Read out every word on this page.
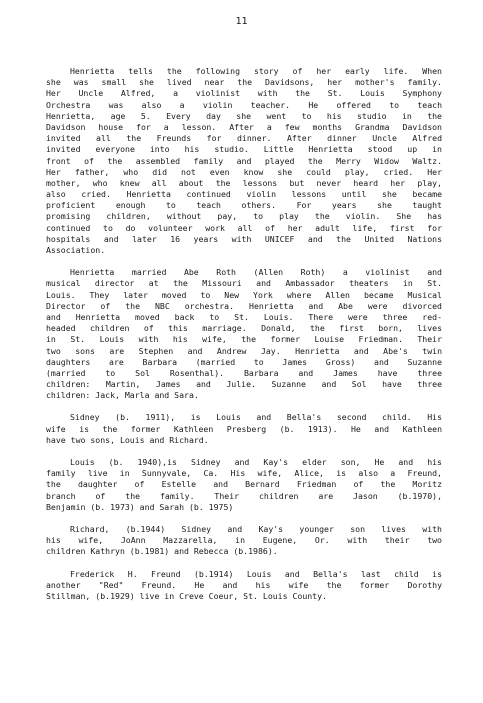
11
Henrietta tells the following story of her early life. When
she was small she lived near the Davidsons, her mother's family.
Her Uncle Alfred, a violinist with the St. Louis Symphony
Orchestra was also a violin teacher. He offered to teach
Henrietta, age 5. Every day she went to his studio in the
Davidson house for a lesson. After a few months Grandma Davidson
invited all the Freunds for dinner. After dinner Uncle Alfred
invited everyone into his studio. Little Henrietta stood up in
front of the assembled family and played the Merry Widow Waltz.
Her father, who did not even know she could play, cried. Her
mother, who knew all about the lessons but never heard her play,
also cried. Henrietta continued violin lessons until she became
proficient enough to teach others. For years she taught
promising children, without pay, to play the violin. She has
continued to do volunteer work all of her adult life, first for
hospitals and later 16 years with UNICEF and the United Nations
Association.
Henrietta married Abe Roth (Allen Roth) a violinist and
musical director at the Missouri and Ambassador theaters in St.
Louis. They later moved to New York where Allen became Musical
Director of the NBC orchestra. Henrietta and Abe were divorced
and Henrietta moved back to St. Louis. There were three red-
headed children of this marriage. Donald, the first born, lives
in St. Louis with his wife, the former Louise Friedman. Their
two sons are Stephen and Andrew Jay. Henrietta and Abe's twin
daughters are Barbara (married to James Gross) and Suzanne
(married to Sol Rosenthal). Barbara and James have three
children: Martin, James and Julie. Suzanne and Sol have three
children: Jack, Marla and Sara.
Sidney (b. 1911), is Louis and Bella's second child. His
wife is the former Kathleen Presberg (b. 1913). He and Kathleen
have two sons, Louis and Richard.
Louis (b. 1940),is Sidney and Kay's elder son, He and his
family live in Sunnyvale, Ca. His wife, Alice, is also a Freund,
the daughter of Estelle and Bernard Friedman of the Moritz
branch of the family. Their children are Jason (b.1970),
Benjamin (b. 1973) and Sarah (b. 1975)
Richard, (b.1944) Sidney and Kay's younger son lives with
his wife, JoAnn Mazzarella, in Eugene, Or. with their two
children Kathryn (b.1981) and Rebecca (b.1986).
Frederick H. Freund (b.1914) Louis and Bella's last child is
another "Red" Freund. He and his wife the former Dorothy
Stillman, (b.1929) live in Creve Coeur, St. Louis County.
